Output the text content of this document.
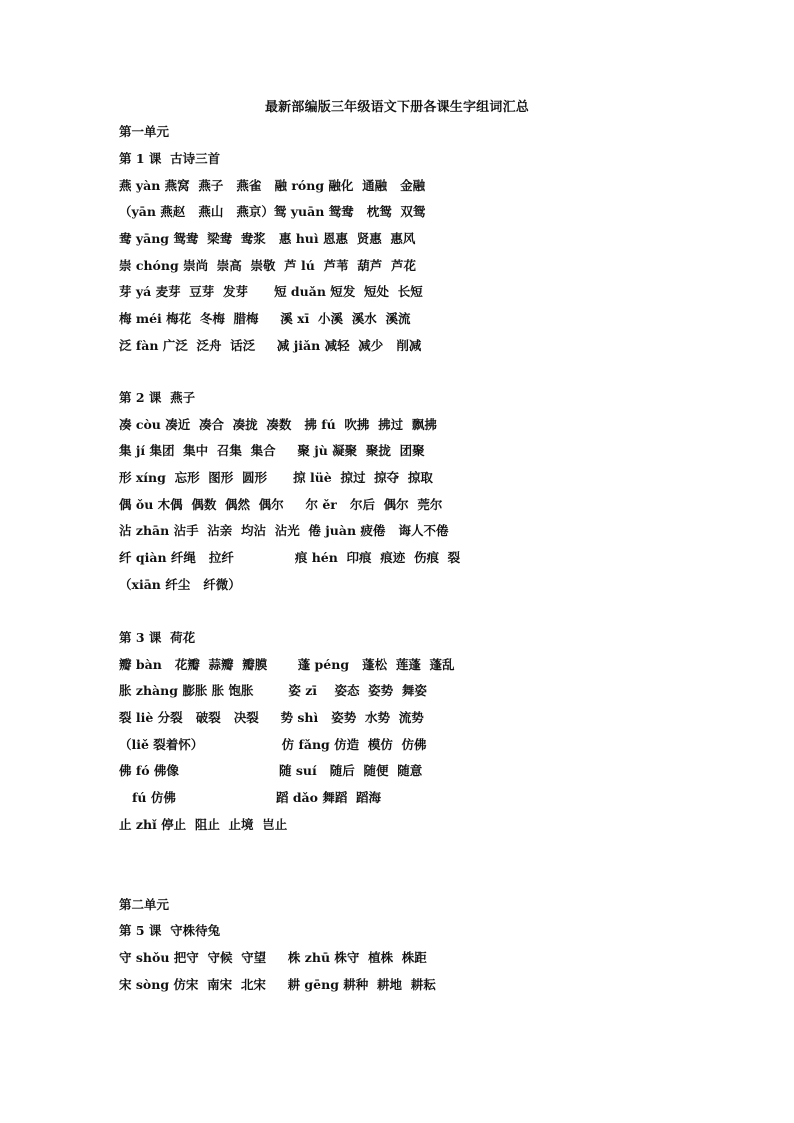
最新部编版三年级语文下册各课生字组词汇总
第一单元
第 1 课  古诗三首
燕 yàn 燕窝  燕子   燕雀   融 róng 融化  通融   金融
（yān 燕赵   燕山   燕京）鸳 yuān 鸳鸯   枕鸳  双鸳
鸯 yāng 鸳鸯  梁鸯  鸯浆   惠 huì 恩惠  贤惠  惠风
崇 chóng 崇尚  崇高  崇敬  芦 lú  芦苇  葫芦  芦花
芽 yá 麦芽  豆芽  发芽      短 duǎn 短发  短处  长短
梅 méi 梅花  冬梅  腊梅     溪 xī  小溪  溪水  溪流
泛 fàn 广泛  泛舟  话泛     减 jiǎn 减轻  减少   削减
第 2 课  燕子
凑 còu 凑近  凑合  凑拢  凑数   拂 fú  吹拂  拂过  飘拂
集 jí 集团  集中  召集  集合     聚 jù 凝聚  聚拢  团聚
形 xíng  忘形  图形  圆形      掠 lüè  掠过  掠夺  掠取
偶 ǒu 木偶  偶数  偶然  偶尔     尔 ěr   尔后  偶尔  莞尔
沾 zhān 沾手  沾亲  均沾  沾光  倦 juàn 疲倦   诲人不倦
纤 qiàn 纤绳   拉纤              痕 hén  印痕  痕迹  伤痕  裂
（xiān 纤尘   纤微）
第 3 课  荷花
瓣 bàn   花瓣  蒜瓣  瓣膜       蓬 péng   蓬松  莲蓬  蓬乱
胀 zhàng 膨胀 胀 饱胀        姿 zī    姿态  姿势  舞姿
裂 liè 分裂   破裂   决裂     势 shì   姿势  水势  流势
（liě 裂着怀）                  仿 fǎng 仿造  模仿  仿佛
佛 fó 佛像                       随 suí   随后  随便  随意
fú 仿佛                       蹈 dǎo 舞蹈  蹈海
止 zhǐ 停止  阻止  止境  岂止
第二单元
第 5 课  守株待兔
守 shǒu 把守  守候  守望     株 zhū 株守  植株  株距
宋 sòng 仿宋  南宋  北宋     耕 gēng 耕种  耕地  耕耘
